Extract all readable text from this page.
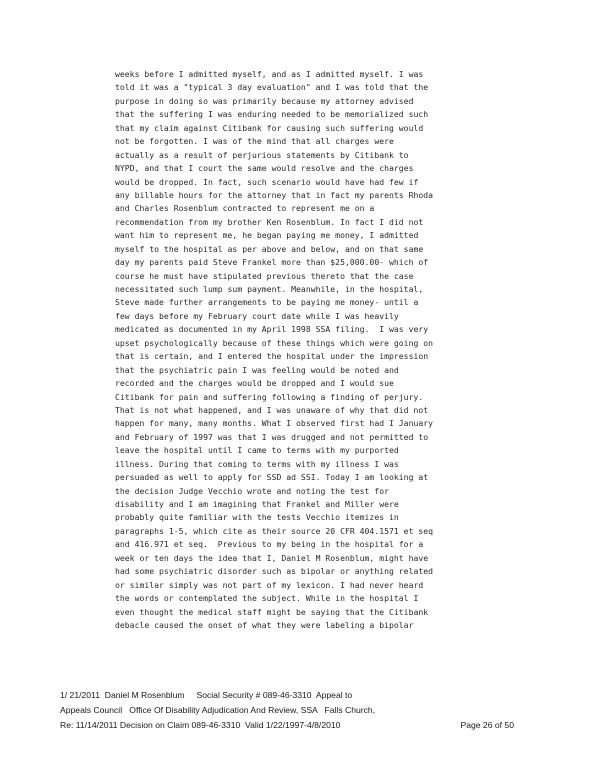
weeks before I admitted myself, and as I admitted myself. I was
told it was a "typical 3 day evaluation" and I was told that the
purpose in doing so was primarily because my attorney advised
that the suffering I was enduring needed to be memorialized such
that my claim against Citibank for causing such suffering would
not be forgotten. I was of the mind that all charges were
actually as a result of perjurious statements by Citibank to
NYPD, and that I court the same would resolve and the charges
would be dropped. In fact, such scenario would have had few if
any billable hours for the attorney that in fact my parents Rhoda
and Charles Rosenblum contracted to represent me on a
recommendation from my brother Ken Rosenblum. In fact I did not
want him to represent me, he began paying me money, I admitted
myself to the hospital as per above and below, and on that same
day my parents paid Steve Frankel more than $25,000.00- which of
course he must have stipulated previous thereto that the case
necessitated such lump sum payment. Meanwhile, in the hospital,
Steve made further arrangements to be paying me money- until a
few days before my February court date while I was heavily
medicated as documented in my April 1998 SSA filing.  I was very
upset psychologically because of these things which were going on
that is certain, and I entered the hospital under the impression
that the psychiatric pain I was feeling would be noted and
recorded and the charges would be dropped and I would sue
Citibank for pain and suffering following a finding of perjury.
That is not what happened, and I was unaware of why that did not
happen for many, many months. What I observed first had I January
and February of 1997 was that I was drugged and not permitted to
leave the hospital until I came to terms with my purported
illness. During that coming to terms with my illness I was
persuaded as well to apply for SSD ad SSI. Today I am looking at
the decision Judge Vecchio wrote and noting the test for
disability and I am imagining that Frankel and Miller were
probably quite familiar with the tests Vecchio itemizes in
paragraphs 1-5, which cite as their source 20 CFR 404.1571 et seq
and 416.971 et seq.  Previous to my being in the hospital for a
week or ten days the idea that I, Daniel M Rosenblum, might have
had some psychiatric disorder such as bipolar or anything related
or similar simply was not part of my lexicon. I had never heard
the words or contemplated the subject. While in the hospital I
even thought the medical staff might be saying that the Citibank
debacle caused the onset of what they were labeling a bipolar
1/ 21/2011  Daniel M Rosenblum     Social Security # 089-46-3310  Appeal to
Appeals Council   Office Of Disability Adjudication And Review, SSA   Falls Church,
Re: 11/14/2011 Decision on Claim 089-46-3310  Valid 1/22/1997-4/8/2010	Page 26 of 50
